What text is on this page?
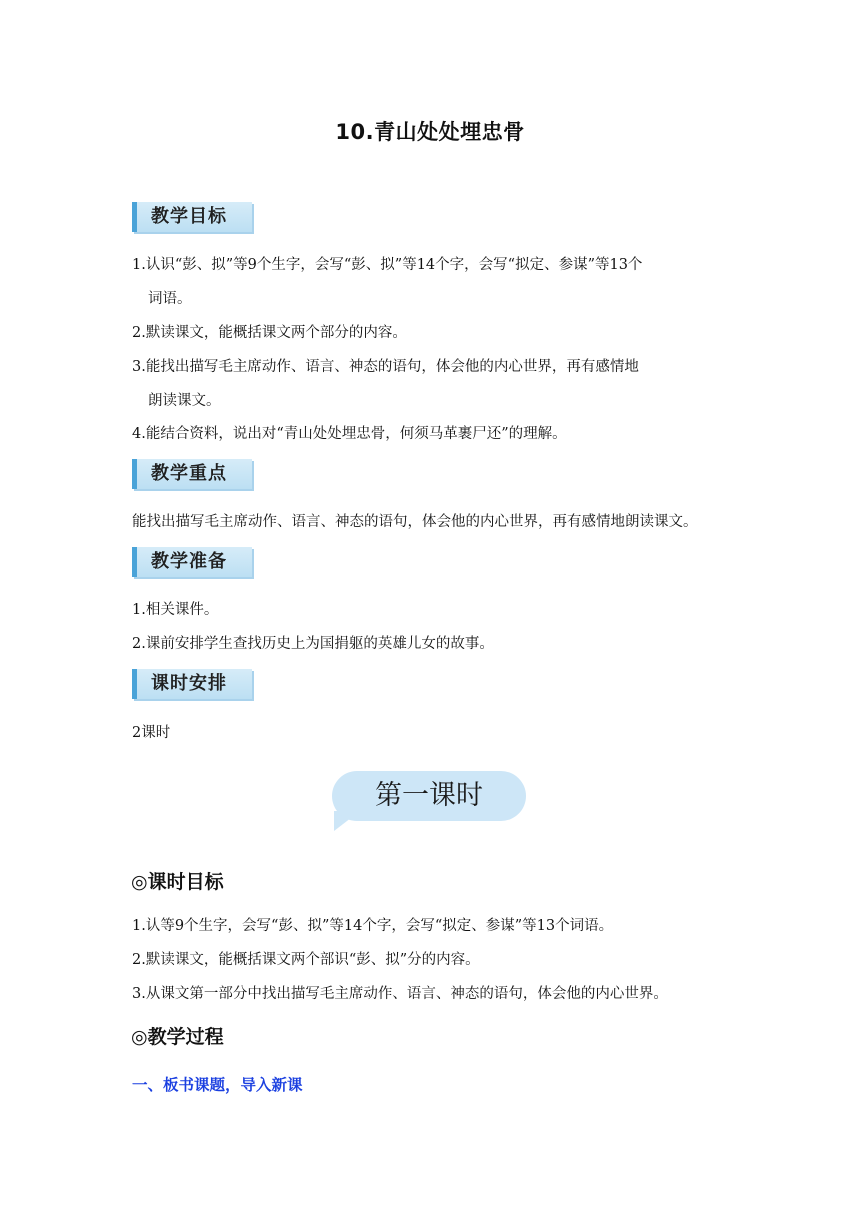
10.青山处处埋忠骨
教学目标
1.认识“彭、拟”等9个生字，会写“彭、拟”等14个字，会写“拟定、参谋”等13个
词语。
2.默读课文，能概括课文两个部分的内容。
3.能找出描写毛主席动作、语言、神态的语句，体会他的内心世界，再有感情地
朗读课文。
4.能结合资料，说出对“青山处处埋忠骨，何须马革裹尸还”的理解。
教学重点
能找出描写毛主席动作、语言、神态的语句，体会他的内心世界，再有感情地朗读课文。
教学准备
1.相关课件。
2.课前安排学生查找历史上为国捐躯的英雄儿女的故事。
课时安排
2课时
第一课时
◎课时目标
1.认等9个生字，会写“彭、拟”等14个字，会写“拟定、参谋”等13个词语。
2.默读课文，能概括课文两个部识“彭、拟”分的内容。
3.从课文第一部分中找出描写毛主席动作、语言、神态的语句，体会他的内心世界。
◎教学过程
一、板书课题，导入新课
